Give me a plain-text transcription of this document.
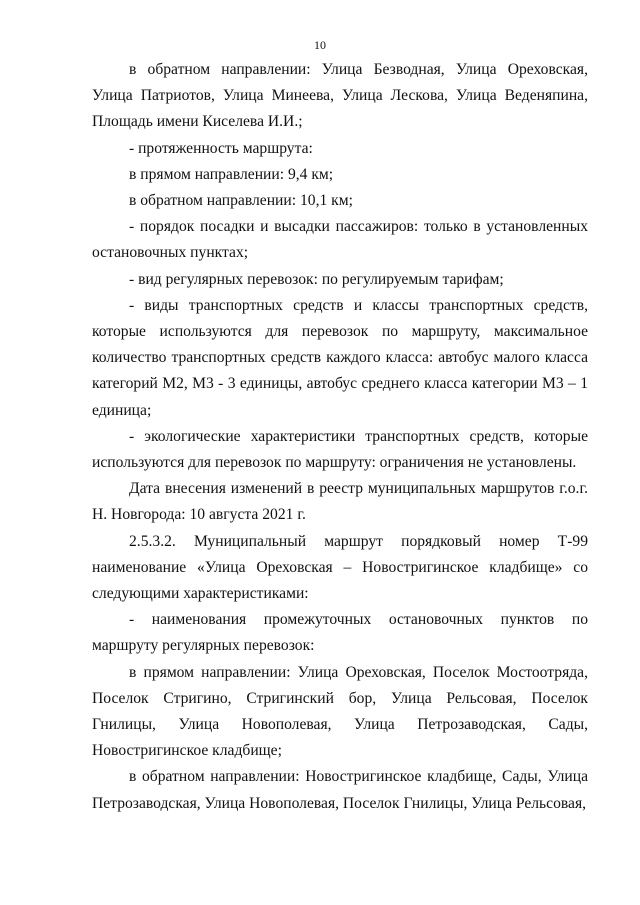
10

в обратном направлении: Улица Безводная, Улица Ореховская, Улица Патриотов, Улица Минеева, Улица Лескова, Улица Веденяпина, Площадь имени Киселева И.И.;

- протяженность маршрута:

в прямом направлении: 9,4 км;

в обратном направлении: 10,1 км;

- порядок посадки и высадки пассажиров: только в установленных остановочных пунктах;

- вид регулярных перевозок: по регулируемым тарифам;

- виды транспортных средств и классы транспортных средств, которые используются для перевозок по маршруту, максимальное количество транспортных средств каждого класса: автобус малого класса категорий М2, М3 - 3 единицы, автобус среднего класса категории М3 – 1 единица;

- экологические характеристики транспортных средств, которые используются для перевозок по маршруту: ограничения не установлены.

Дата внесения изменений в реестр муниципальных маршрутов г.о.г. Н. Новгорода: 10 августа 2021 г.

2.5.3.2. Муниципальный маршрут порядковый номер Т-99 наименование «Улица Ореховская – Новостригинское кладбище» со следующими характеристиками:

- наименования промежуточных остановочных пунктов по маршруту регулярных перевозок:

в прямом направлении: Улица Ореховская, Поселок Мостоотряда, Поселок Стригино, Стригинский бор, Улица Рельсовая, Поселок Гнилицы, Улица Новополевая, Улица Петрозаводская, Сады, Новостригинское кладбище;

в обратном направлении: Новостригинское кладбище, Сады, Улица Петрозаводская, Улица Новополевая, Поселок Гнилицы, Улица Рельсовая,
